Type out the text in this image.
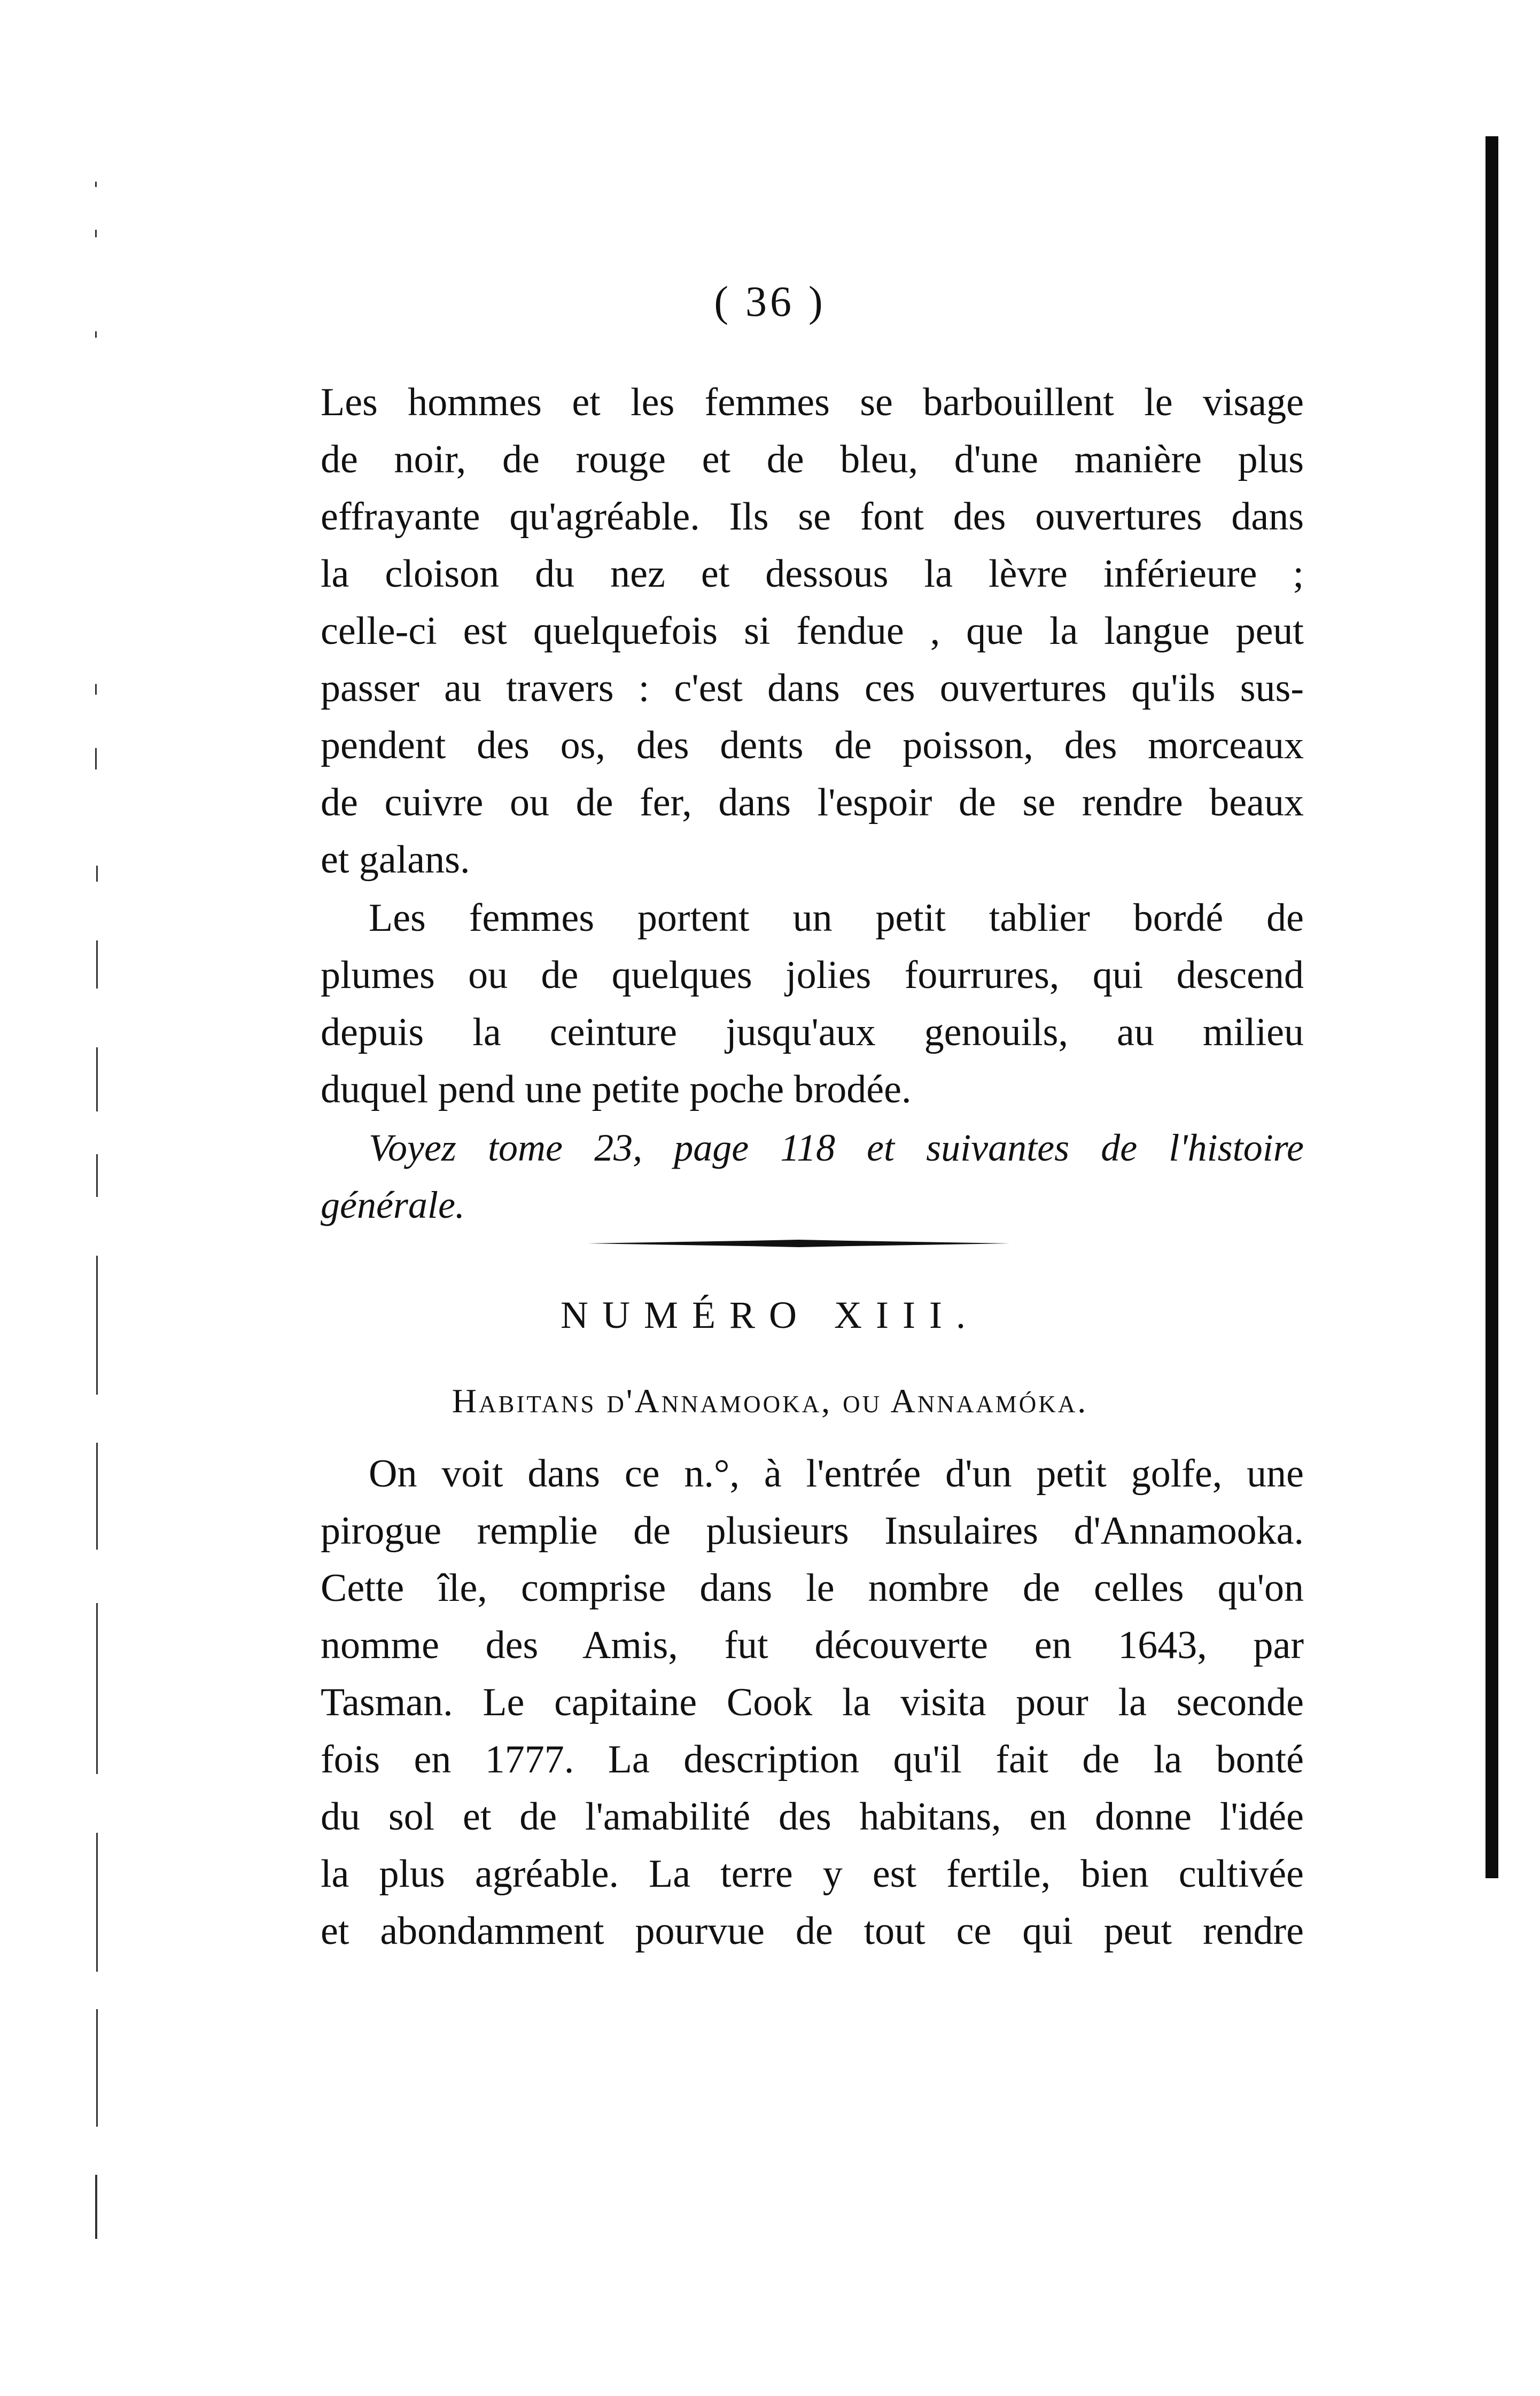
( 36 )

Les hommes et les femmes se barbouillent le visage
de noir, de rouge et de bleu, d'une manière plus
effrayante qu'agréable. Ils se font des ouvertures dans
la cloison du nez et dessous la lèvre inférieure ;
celle-ci est quelquefois si fendue , que la langue peut
passer au travers : c'est dans ces ouvertures qu'ils sus-
pendent des os, des dents de poisson, des morceaux
de cuivre ou de fer, dans l'espoir de se rendre beaux
et galans.

Les femmes portent un petit tablier bordé de
plumes ou de quelques jolies fourrures, qui descend
depuis la ceinture jusqu'aux genouils, au milieu
duquel pend une petite poche brodée.

Voyez tome 23, page 118 et suivantes de l'histoire
générale.

NUMÉRO XIII.
Habitans d'Annamooka, ou Annaamóka.

On voit dans ce n.°, à l'entrée d'un petit golfe, une
pirogue remplie de plusieurs Insulaires d'Annamooka.
Cette île, comprise dans le nombre de celles qu'on
nomme des Amis, fut découverte en 1643, par
Tasman. Le capitaine Cook la visita pour la seconde
fois en 1777. La description qu'il fait de la bonté
du sol et de l'amabilité des habitans, en donne l'idée
la plus agréable. La terre y est fertile, bien cultivée
et abondamment pourvue de tout ce qui peut rendre
